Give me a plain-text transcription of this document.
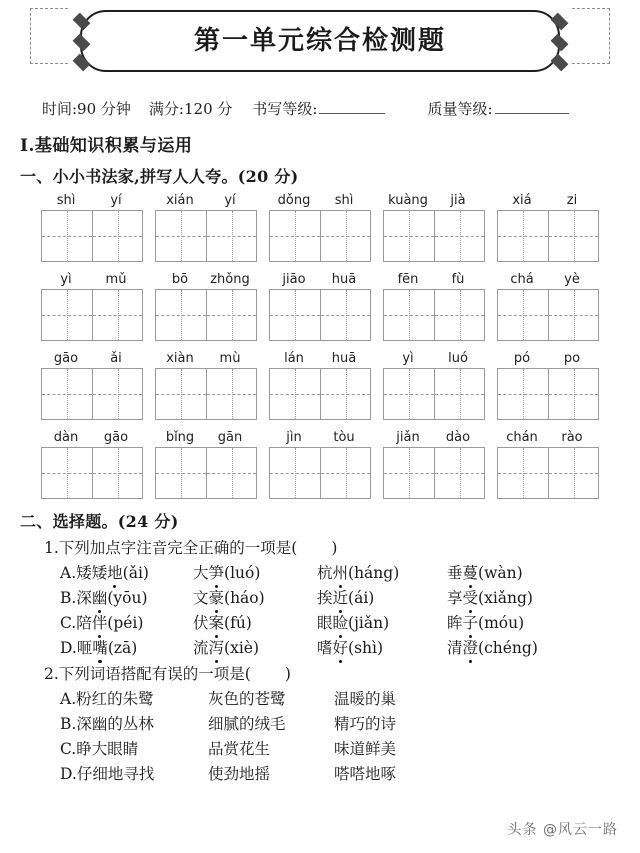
第一单元综合检测题
时间:90 分钟 满分:120 分 书写等级:	质量等级:
Ⅰ.基础知识积累与运用
一、小小书法家,拼写人人夸。(20 分)
shì	yí	xián	yí	dǒng	shì	kuàng	jià	xiá	zi
yì	mǔ	bō	zhǒng	jiāo	huā	fēn	fù	chá	yè
gāo	ǎi	xiàn	mù	lán	huā	yì	luó	pó	po
dàn	gāo	bǐng	gān	jìn	tòu	jiǎn	dào	chán	rào
二、选择题。(24 分)
1.下列加点字注音完全正确的一项是( )
A.矮矮地(ǎi)	大笋(luó)	杭州(háng)	垂蔓(wàn)
B.深幽(yōu)	文豪(háo)	挨近(ái)	享受(xiǎng)
C.陪伴(péi)	伏案(fú)	眼睑(jiǎn)	眸子(móu)
D.咂嘴(zā)	流泻(xiè)	嗜好(shì)	清澄(chéng)
2.下列词语搭配有误的一项是( )
A.粉红的朱鹭	灰色的苍鹭	温暖的巢
B.深幽的丛林	细腻的绒毛	精巧的诗
C.睁大眼睛	品赏花生	味道鲜美
D.仔细地寻找	使劲地摇	嗒嗒地啄
头条 @风云一路
